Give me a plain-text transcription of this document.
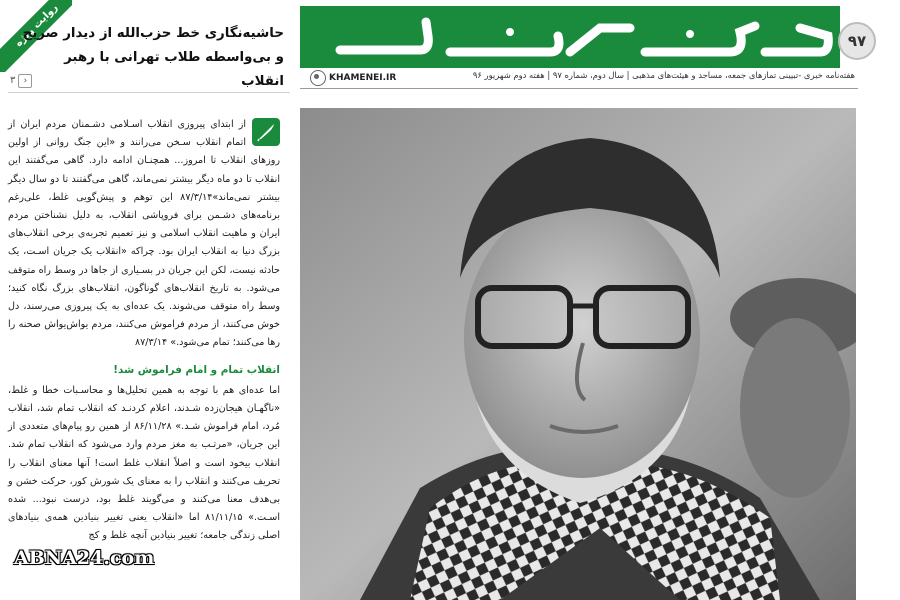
خط حزب‌الله
۹۷
هفته‌نامه خبری -تبیینی تمازهای جمعه، مساجد و هیئت‌های مذهبی | سال دوم، شماره ۹۷ | هفته دوم شهریور ۹۶
KHAMENEI.IR
روایت ویژه
حاشیه‌نگاری خط حزب‌الله از دیدار صریح و بی‌واسطه طلاب تهرانی با رهبر انقلاب
‹۳

از ابتدای پیروزی انقلاب اسـلامی دشـمنان مردم ایران از اتمام انقلاب سـخن می‌رانند و «این جنگ روانی از اولین روزهای انقلاب تا امروز... همچنـان ادامه دارد. گاهی می‌گفتند این انقلاب تا دو ماه دیگر بیشتر نمی‌ماند، گاهی می‌گفتند تا دو سال دیگر بیشتر نمی‌ماند»۸۷/۳/۱۴ این توهم و پیش‌گویی غلط، علی‌رغم برنامه‌های دشـمن برای فروپاشی انقلاب، به دلیل نشناختن مردم ایران و ماهیت انقلاب اسلامی و نیز تعمیم تجربه‌ی برخی انقلاب‌های بزرگ دنیا به انقلاب ایران بود. چراکه «انقلاب یک جریان اسـت، یک حادثه نیست، لکن این جریان در بسـیاری از جاها در وسط راه متوقف می‌شود. به تاریخ انقلاب‌های گوناگون، انقلاب‌های بزرگ نگاه کنید؛ وسط راه متوقف می‌شوند. یک عده‌ای به یک پیروزی می‌رسند، دل خوش می‌کنند، از مردم فراموش می‌کنند، مردم یواش‌یواش صحنه را رها می‌کنند؛ تمام می‌شود.» ۸۷/۳/۱۴

انقلاب تمام و امام فراموش شد!

اما عده‌ای هم با توجه به همین تحلیل‌ها و محاسـبات خطا و غلط، «ناگهـان هیجان‌زده شـدند، اعلام کردنـد که انقلاب تمام شد، انقلاب مُرد، امام فراموش شـد.» ۸۶/۱۱/۲۸ از همین رو پیام‌های متعددی از این جریان، «مرتـب به مغز مردم وارد می‌شود که انقلاب تمام شد. انقلاب بیخود است و اصلاً انقلاب غلط است! آنها معنای انقلاب را تحریف می‌کنند و انقلاب را به معنای یک شورش کور، حرکت خشن و بی‌هدف معنا می‌کنند و می‌گویند غلط بود، درست نبود... شده اسـت.» ۸۱/۱۱/۱۵ اما «انقلاب یعنی تغییر بنیادین همه‌ی بنیادهای اصلی زندگی جامعه؛ تغییر بنیادین آنچه غلط و کج

ABNA24.com
